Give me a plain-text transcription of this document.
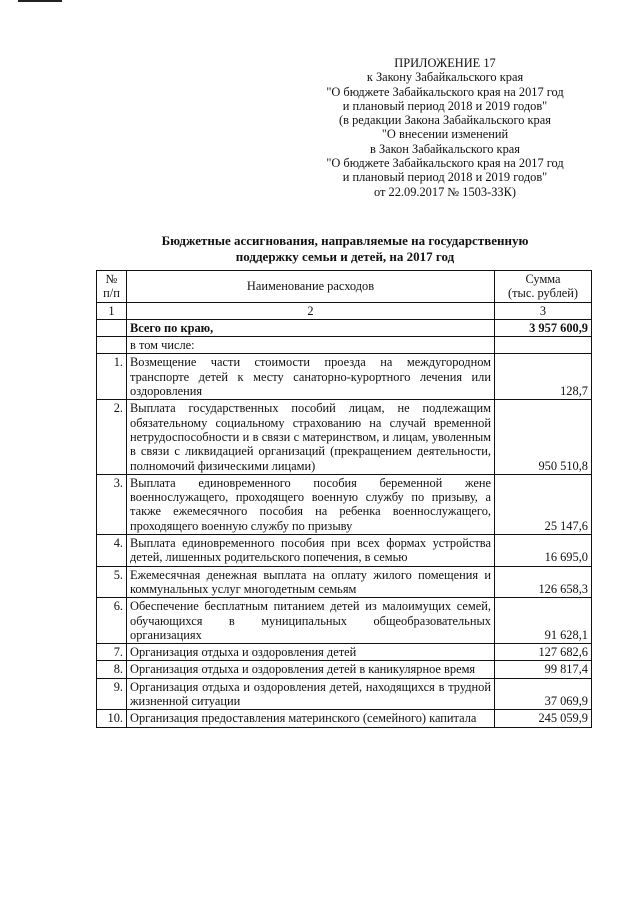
ПРИЛОЖЕНИЕ 17
к Закону Забайкальского края
"О бюджете Забайкальского края на 2017 год
и плановый период 2018 и 2019 годов"
(в редакции Закона Забайкальского края
"О внесении изменений
в Закон Забайкальского края
"О бюджете Забайкальского края на 2017 год
и плановый период 2018 и 2019 годов"
от 22.09.2017 № 1503-ЗЗК)
Бюджетные ассигнования, направляемые на государственную
поддержку семьи и детей, на 2017 год
№ п/п	Наименование расходов	Сумма
(тыс. рублей)

1	2	3
	Всего по краю,	3 957 600,9
	в том числе:	
1.	Возмещение части стоимости проезда на междугородном транспорте детей к месту санаторно-курортного лечения или оздоровления	128,7
2.	Выплата государственных пособий лицам, не подлежащим обязательному социальному страхованию на случай временной нетрудоспособности и в связи с материнством, и лицам, уволенным в связи с ликвидацией организаций (прекращением деятельности, полномочий физическими лицами)	950 510,8
3.	Выплата единовременного пособия беременной жене военнослужащего, проходящего военную службу по призыву, а также ежемесячного пособия на ребенка военнослужащего, проходящего военную службу по призыву	25 147,6
4.	Выплата единовременного пособия при всех формах устройства детей, лишенных родительского попечения, в семью	16 695,0
5.	Ежемесячная денежная выплата на оплату жилого помещения и коммунальных услуг многодетным семьям	126 658,3
6.	Обеспечение бесплатным питанием детей из малоимущих семей, обучающихся в муниципальных общеобразовательных организациях	91 628,1
7.	Организация отдыха и оздоровления детей	127 682,6
8.	Организация отдыха и оздоровления детей в каникулярное время	99 817,4
9.	Организация отдыха и оздоровления детей, находящихся в трудной жизненной ситуации	37 069,9
10.	Организация предоставления материнского (семейного) капитала	245 059,9
